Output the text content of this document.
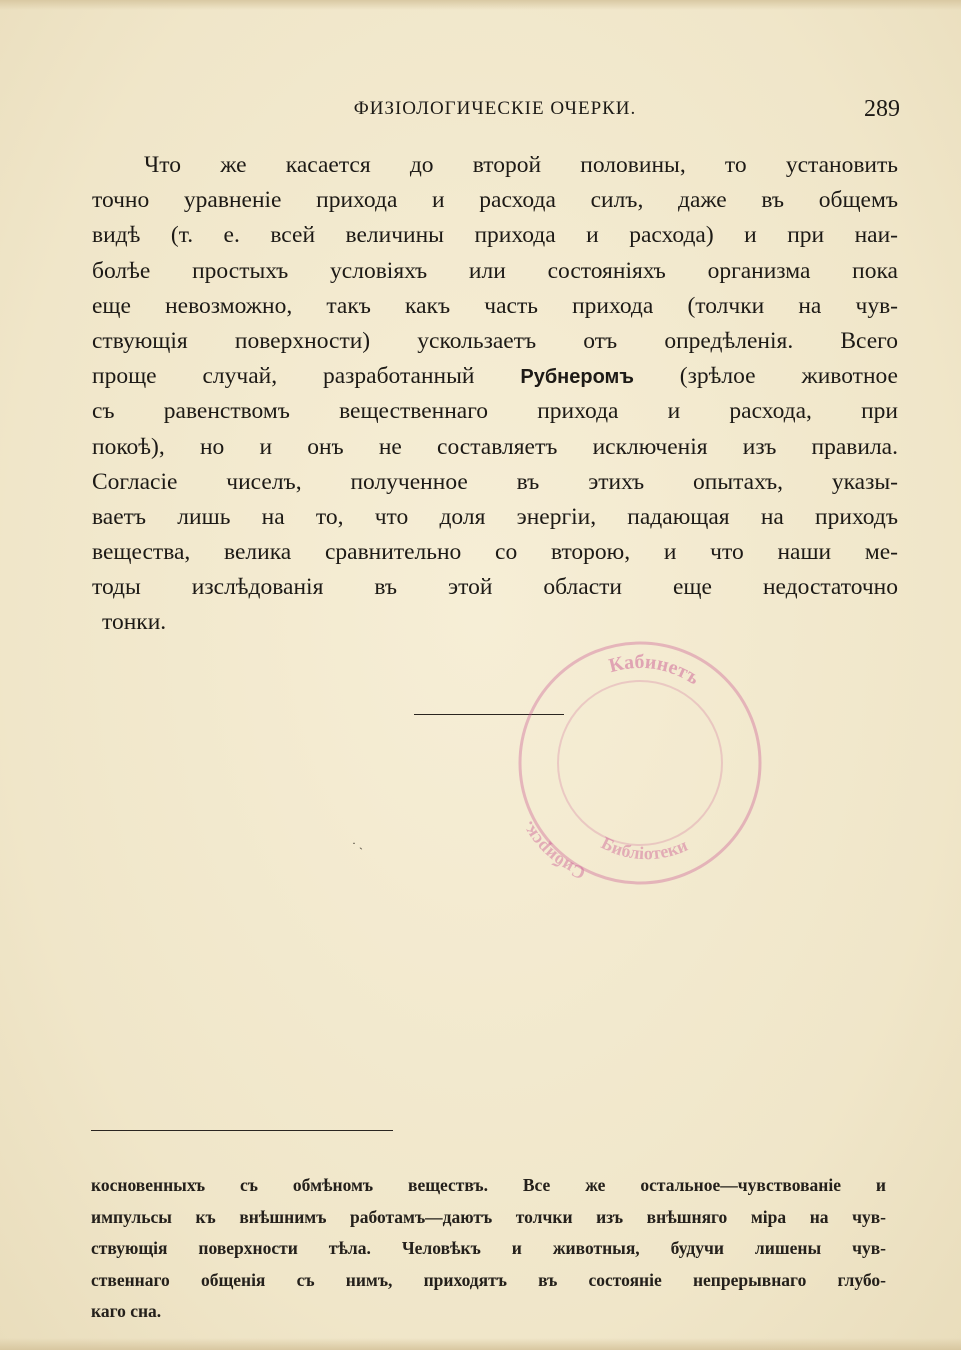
ФИЗІОЛОГИЧЕСКІЕ ОЧЕРКИ.	289
Что же касается до второй половины, то установить
точно уравненіе прихода и расхода силъ, даже въ общемъ
видѣ (т. е. всей величины прихода и расхода) и при наи-
болѣе простыхъ условіяхъ или состояніяхъ организма пока
еще невозможно, такъ какъ часть прихода (толчки на чув-
ствующія поверхности) ускользаетъ отъ опредѣленія. Всего
проще случай, разработанный Рубнеромъ (зрѣлое животное
съ равенствомъ вещественнаго прихода и расхода, при
покоѣ), но и онъ не составляетъ исключенія изъ правила.
Согласіе чиселъ, полученное въ этихъ опытахъ, указы-
ваетъ лишь на то, что доля энергіи, падающая на приходъ
вещества, велика сравнительно со второю, и что наши ме-
тоды изслѣдованія въ этой области еще недостаточно
тонки.
Кабинетъ
Сибирск.
Библіотеки
· ˏ
косновенныхъ съ обмѣномъ веществъ. Все же остальное—чувствованіе и
импульсы къ внѣшнимъ работамъ—даютъ толчки изъ внѣшняго міра на чув-
ствующія поверхности тѣла. Человѣкъ и животныя, будучи лишены чув-
ственнаго общенія съ нимъ, приходятъ въ состояніе непрерывнаго глубо-
каго сна.
